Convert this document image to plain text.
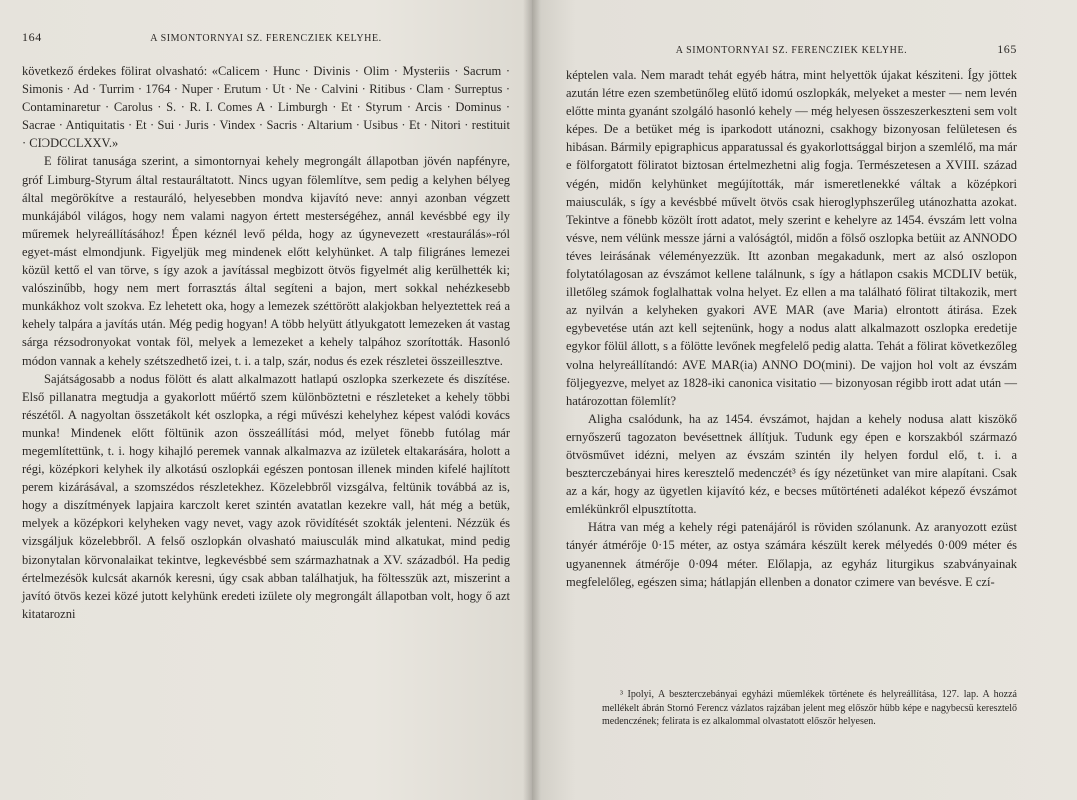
164	A SIMONTORNYAI SZ. FERENCZIEK KELYHE.

következő érdekes fölirat olvasható: «Calicem · Hunc · Divinis · Olim · Mysteriis · Sacrum · Simonis · Ad · Turrim · 1764 · Nuper · Erutum · Ut · Ne · Calvini · Ritibus · Clam · Surreptus · Contaminaretur · Carolus · S. · R. I. Comes A · Limburgh · Et · Styrum · Arcis · Dominus · Sacrae · Antiquitatis · Et · Sui · Juris · Vindex · Sacris · Altarium · Usibus · Et · Nitori · restituit · CIƆDCCLXXV.»

E fölirat tanusága szerint, a simontornyai kehely megrongált állapotban jövén napfényre, gróf Limburg-Styrum által restauráltatott. Nincs ugyan fölemlítve, sem pedig a kelyhen bélyeg által megörökítve a restauráló, helyesebben mondva kijavító neve: annyi azonban végzett munkájából világos, hogy nem valami nagyon értett mesterségéhez, annál kevésbbé egy ily műremek helyreállításához! Épen kéznél levő példa, hogy az úgynevezett «restaurálás»-ról egyet-mást elmondjunk. Figyeljük meg mindenek előtt kelyhünket. A talp filigránes lemezei közül kettő el van törve, s így azok a javítással megbizott ötvös figyelmét alig kerülhették ki; valószinűbb, hogy nem mert forrasztás által segíteni a bajon, mert sokkal nehézkesebb munkákhoz volt szokva. Ez lehetett oka, hogy a lemezek széttörött alakjokban helyeztettek reá a kehely talpára a javítás után. Még pedig hogyan! A több helyütt átlyukgatott lemezeken át vastag sárga rézsodronyokat vontak föl, melyek a lemezeket a kehely talpához szorították. Hasonló módon vannak a kehely szétszedhető izei, t. i. a talp, szár, nodus és ezek részletei összeillesztve.

Sajátságosabb a nodus fölött és alatt alkalmazott hatlapú oszlopka szerkezete és diszítése. Első pillanatra megtudja a gyakorlott műértő szem különböztetni e részleteket a kehely többi részétől. A nagyoltan összetákolt két oszlopka, a régi művészi kehelyhez képest valódi kovács munka! Mindenek előtt föltünik azon összeállítási mód, melyet fönebb futólag már megemlítettünk, t. i. hogy kihajló peremek vannak alkalmazva az izületek eltakarására, holott a régi, középkori kelyhek ily alkotású oszlopkái egészen pontosan illenek minden kifelé hajlított perem kizárásával, a szomszédos részletekhez. Közelebbről vizsgálva, feltünik továbbá az is, hogy a diszítmények lapjaira karczolt keret szintén avatatlan kezekre vall, hát még a betük, melyek a középkori kelyheken vagy nevet, vagy azok rövidítését szokták jelenteni. Nézzük és vizsgáljuk közelebbről. A felső oszlopkán olvasható maiusculák mind alkatukat, mind pedig bizonytalan körvonalaikat tekintve, legkevésbbé sem származhatnak a XV. századból. Ha pedig értelmezésök kulcsát akarnók keresni, úgy csak abban találhatjuk, ha föltesszük azt, miszerint a javító ötvös kezei közé jutott kelyhünk eredeti izülete oly megrongált állapotban volt, hogy ő azt kitatarozni

A SIMONTORNYAI SZ. FERENCZIEK KELYHE.	165

képtelen vala. Nem maradt tehát egyéb hátra, mint helyettök újakat késziteni. Így jöttek azután létre ezen szembetünőleg elütő idomú oszlopkák, melyeket a mester — nem levén előtte minta gyanánt szolgáló hasonló kehely — még helyesen összeszerkeszteni sem volt képes. De a betüket még is iparkodott utánozni, csakhogy bizonyosan felületesen és hibásan. Bármily epigraphicus apparatussal és gyakorlottsággal birjon a szemlélő, ma már e fölforgatott föliratot biztosan értelmezhetni alig fogja. Természetesen a XVIII. század végén, midőn kelyhünket megújították, már ismeretlenekké váltak a középkori maiusculák, s így a kevésbbé művelt ötvös csak hieroglyphszerűleg utánozhatta azokat. Tekintve a fönebb közölt írott adatot, mely szerint e kehelyre az 1454. évszám lett volna vésve, nem vélünk messze járni a valóságtól, midőn a fölső oszlopka betüit az ANNODO téves leirásának véleményezzük. Itt azonban megakadunk, mert az alsó oszlopon folytatólagosan az évszámot kellene találnunk, s így a hátlapon csakis MCDLIV betük, illetőleg számok foglalhattak volna helyet. Ez ellen a ma található fölirat tiltakozik, mert az nyilván a kelyheken gyakori AVE MAR (ave Maria) elrontott átirása. Ezek egybevetése után azt kell sejtenünk, hogy a nodus alatt alkalmazott oszlopka eredetije egykor fölül állott, s a fölötte levőnek megfelelő pedig alatta. Tehát a fölirat következőleg volna helyreállítandó: AVE MAR(ia) ANNO DO(mini). De vajjon hol volt az évszám följegyezve, melyet az 1828-iki canonica visitatio — bizonyosan régibb irott adat után — határozottan fölemlít?

Aligha csalódunk, ha az 1454. évszámot, hajdan a kehely nodusa alatt kiszökő ernyőszerű tagozaton bevésettnek állítjuk. Tudunk egy épen e korszakból származó ötvösművet idézni, melyen az évszám szintén ily helyen fordul elő, t. i. a beszterczebányai hires keresztelő medenczét³ és így nézetünket van mire alapítani. Csak az a kár, hogy az ügyetlen kijavító kéz, e becses műtörténeti adalékot képező évszámot emlékünkről elpusztította.

Hátra van még a kehely régi patenájáról is röviden szólanunk. Az aranyozott ezüst tányér átmérője 0·15 méter, az ostya számára készült kerek mélyedés 0·009 méter és ugyanennek átmérője 0·094 méter. Előlapja, az egyház liturgikus szabványainak megfelelőleg, egészen sima; hátlapján ellenben a donator czimere van bevésve. E czí-

³ Ipolyi, A beszterczebányai egyházi műemlékek története és helyreállítása, 127. lap. A hozzá mellékelt ábrán Stornó Ferencz vázlatos rajzában jelent meg először hübb képe e nagybecsü keresztelő medenczének; felirata is ez alkalommal olvastatott először helyesen.
